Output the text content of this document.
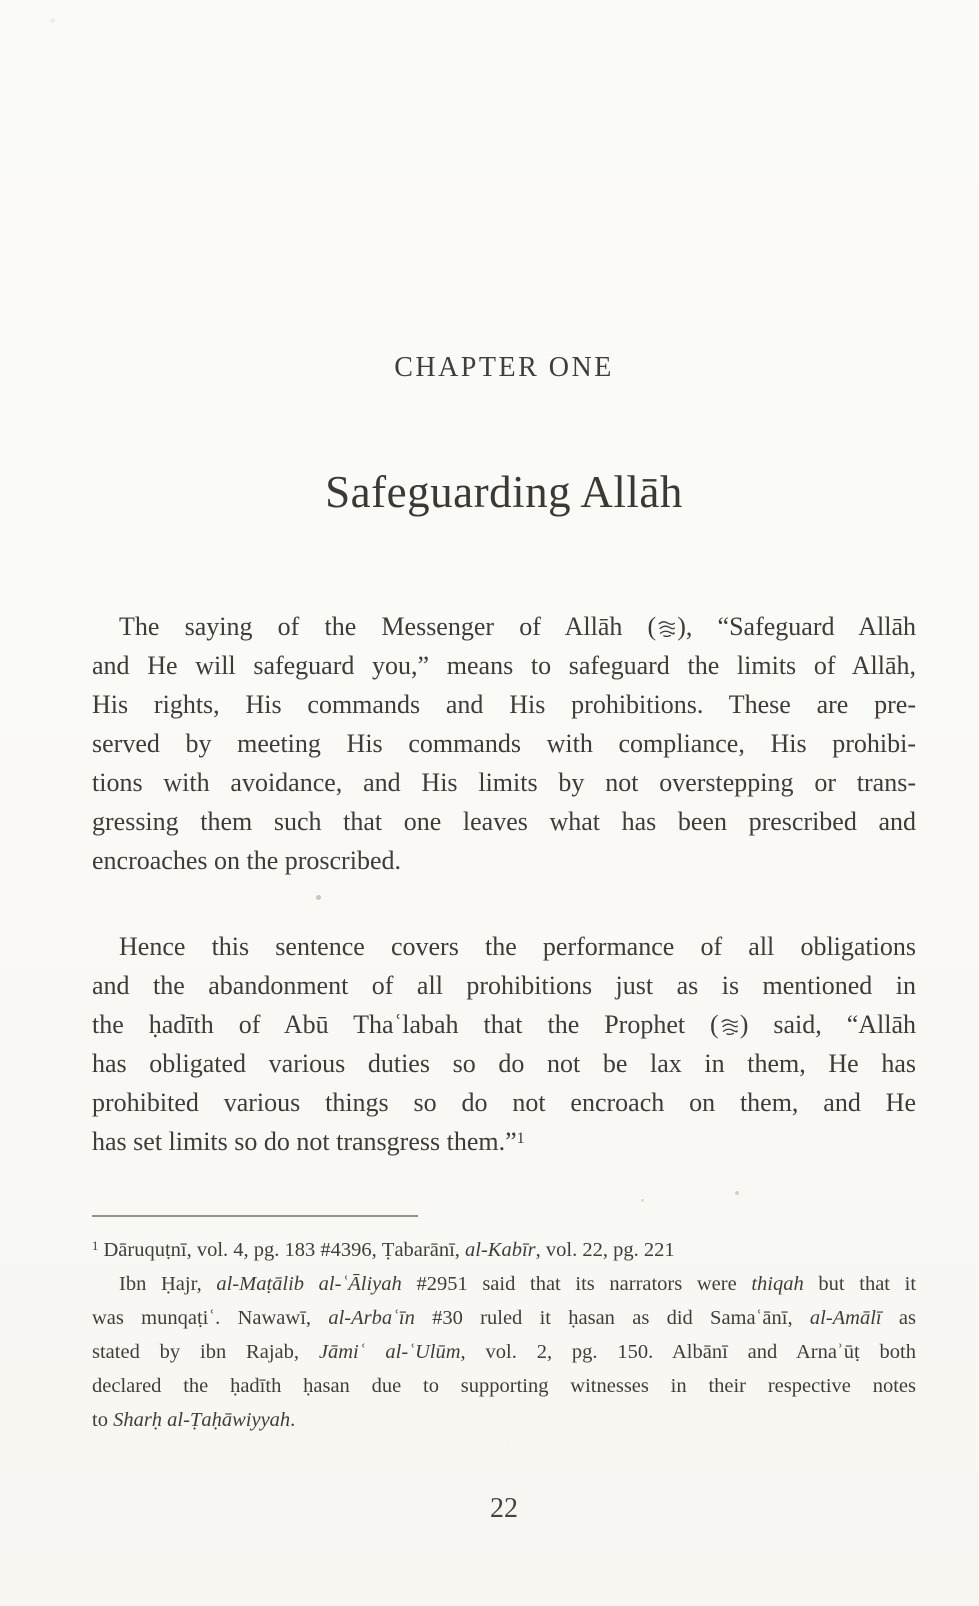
CHAPTER ONE
Safeguarding Allāh
The saying of the Messenger of Allāh ( ), “Safeguard Allāh
and He will safeguard you,” means to safeguard the limits of Allāh,
His rights, His commands and His prohibitions. These are pre-
served by meeting His commands with compliance, His prohibi-
tions with avoidance, and His limits by not overstepping or trans-
gressing them such that one leaves what has been prescribed and
encroaches on the proscribed.
Hence this sentence covers the performance of all obligations
and the abandonment of all prohibitions just as is mentioned in
the ḥadīth of Abū Thaʿlabah that the Prophet ( ) said, “Allāh
has obligated various duties so do not be lax in them, He has
prohibited various things so do not encroach on them, and He
has set limits so do not transgress them.”$^1$
$^1$ Dāruquṭnī, vol. 4, pg. 183 #4396, Ṭabarānī, al-Kabīr, vol. 22, pg. 221
Ibn Ḥajr, al-Maṭālib al-ʿĀliyah #2951 said that its narrators were thiqah but that it
was munqaṭiʿ. Nawawī, al-Arbaʿīn #30 ruled it ḥasan as did Samaʿānī, al-Amālī as
stated by ibn Rajab, Jāmiʿ al-ʿUlūm, vol. 2, pg. 150. Albānī and Arnaʾūṭ both
declared the ḥadīth ḥasan due to supporting witnesses in their respective notes
to Sharḥ al-Ṭaḥāwiyyah.
22
